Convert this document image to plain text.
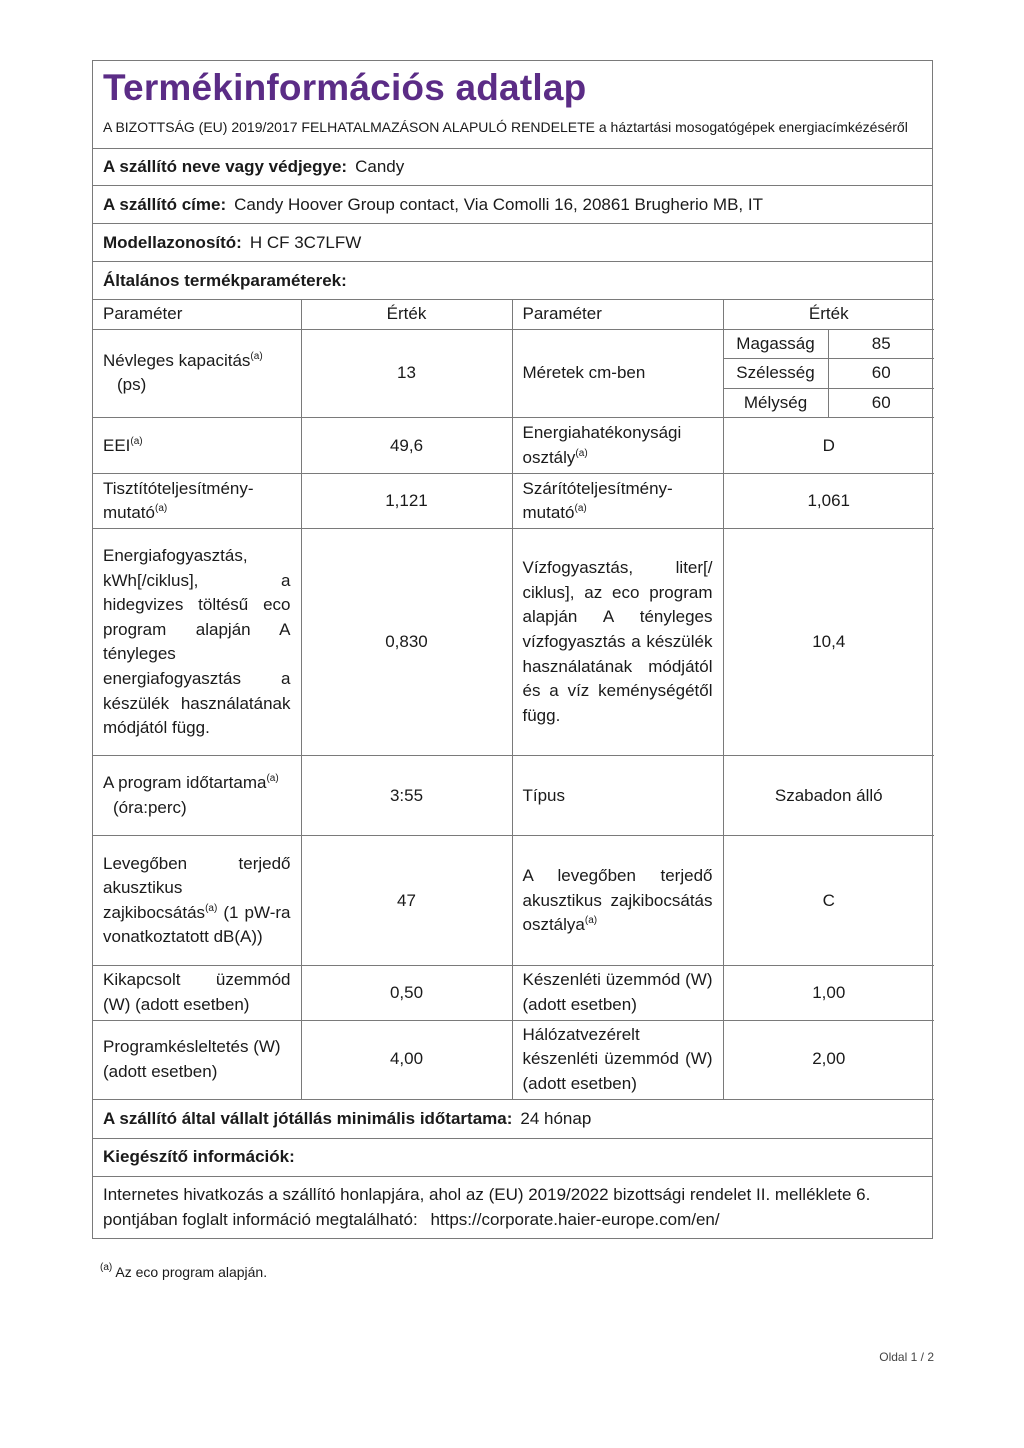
Termékinformációs adatlap
A BIZOTTSÁG (EU) 2019/2017 FELHATALMAZÁSON ALAPULÓ RENDELETE a háztartási mosogatógépek energiacímkézéséről
A szállító neve vagy védjegye: Candy
A szállító címe: Candy Hoover Group contact, Via Comolli 16, 20861 Brugherio MB, IT
Modellazonosító: H CF 3C7LFW
Általános termékparaméterek:
Paraméter	Érték	Paraméter	Érték	
Névleges kapacitás$^{(a)}$
(ps)	13	Méretek cm-ben	Magasság	85
			Szélesség	60
			Mélység	60
EEI$^{(a)}$	49,6	Energiahatékonysági osztály$^{(a)}$	D	
Tisztítóteljesítmény-mutató$^{(a)}$	1,121	Szárítóteljesítmény-mutató$^{(a)}$	1,061	
Energiafogyasztás, kWh[/ciklus], a hidegvizes töltésű eco program alapján A tényleges energiafogyasztás a készülék használatának módjától függ.	0,830	Vízfogyasztás, liter[/ ciklus], az eco program alapján A tényleges vízfogyasztás a készülék használatának módjától és a víz keménységétől függ.	10,4	
A program időtartama$^{(a)}$
(óra:perc)	3:55	Típus	Szabadon álló	
Levegőben terjedő akusztikus zajkibocsátás$^{(a)}$ (1 pW-ra vonatkoztatott dB(A))	47	A levegőben terjedő akusztikus zajkibocsátás osztálya$^{(a)}$	C	
Kikapcsolt üzemmód (W) (adott esetben)	0,50	Készenléti üzemmód (W) (adott esetben)	1,00	
Programkésleltetés (W) (adott esetben)	4,00	Hálózatvezérelt készenléti üzemmód (W) (adott esetben)	2,00	
A szállító által vállalt jótállás minimális időtartama: 24 hónap
Kiegészítő információk:
Internetes hivatkozás a szállító honlapjára, ahol az (EU) 2019/2022 bizottsági rendelet II. melléklete 6. pontjában foglalt információ megtalálható: https://corporate.haier-europe.com/en/
$^{(a)}$ Az eco program alapján.
Oldal 1 / 2
